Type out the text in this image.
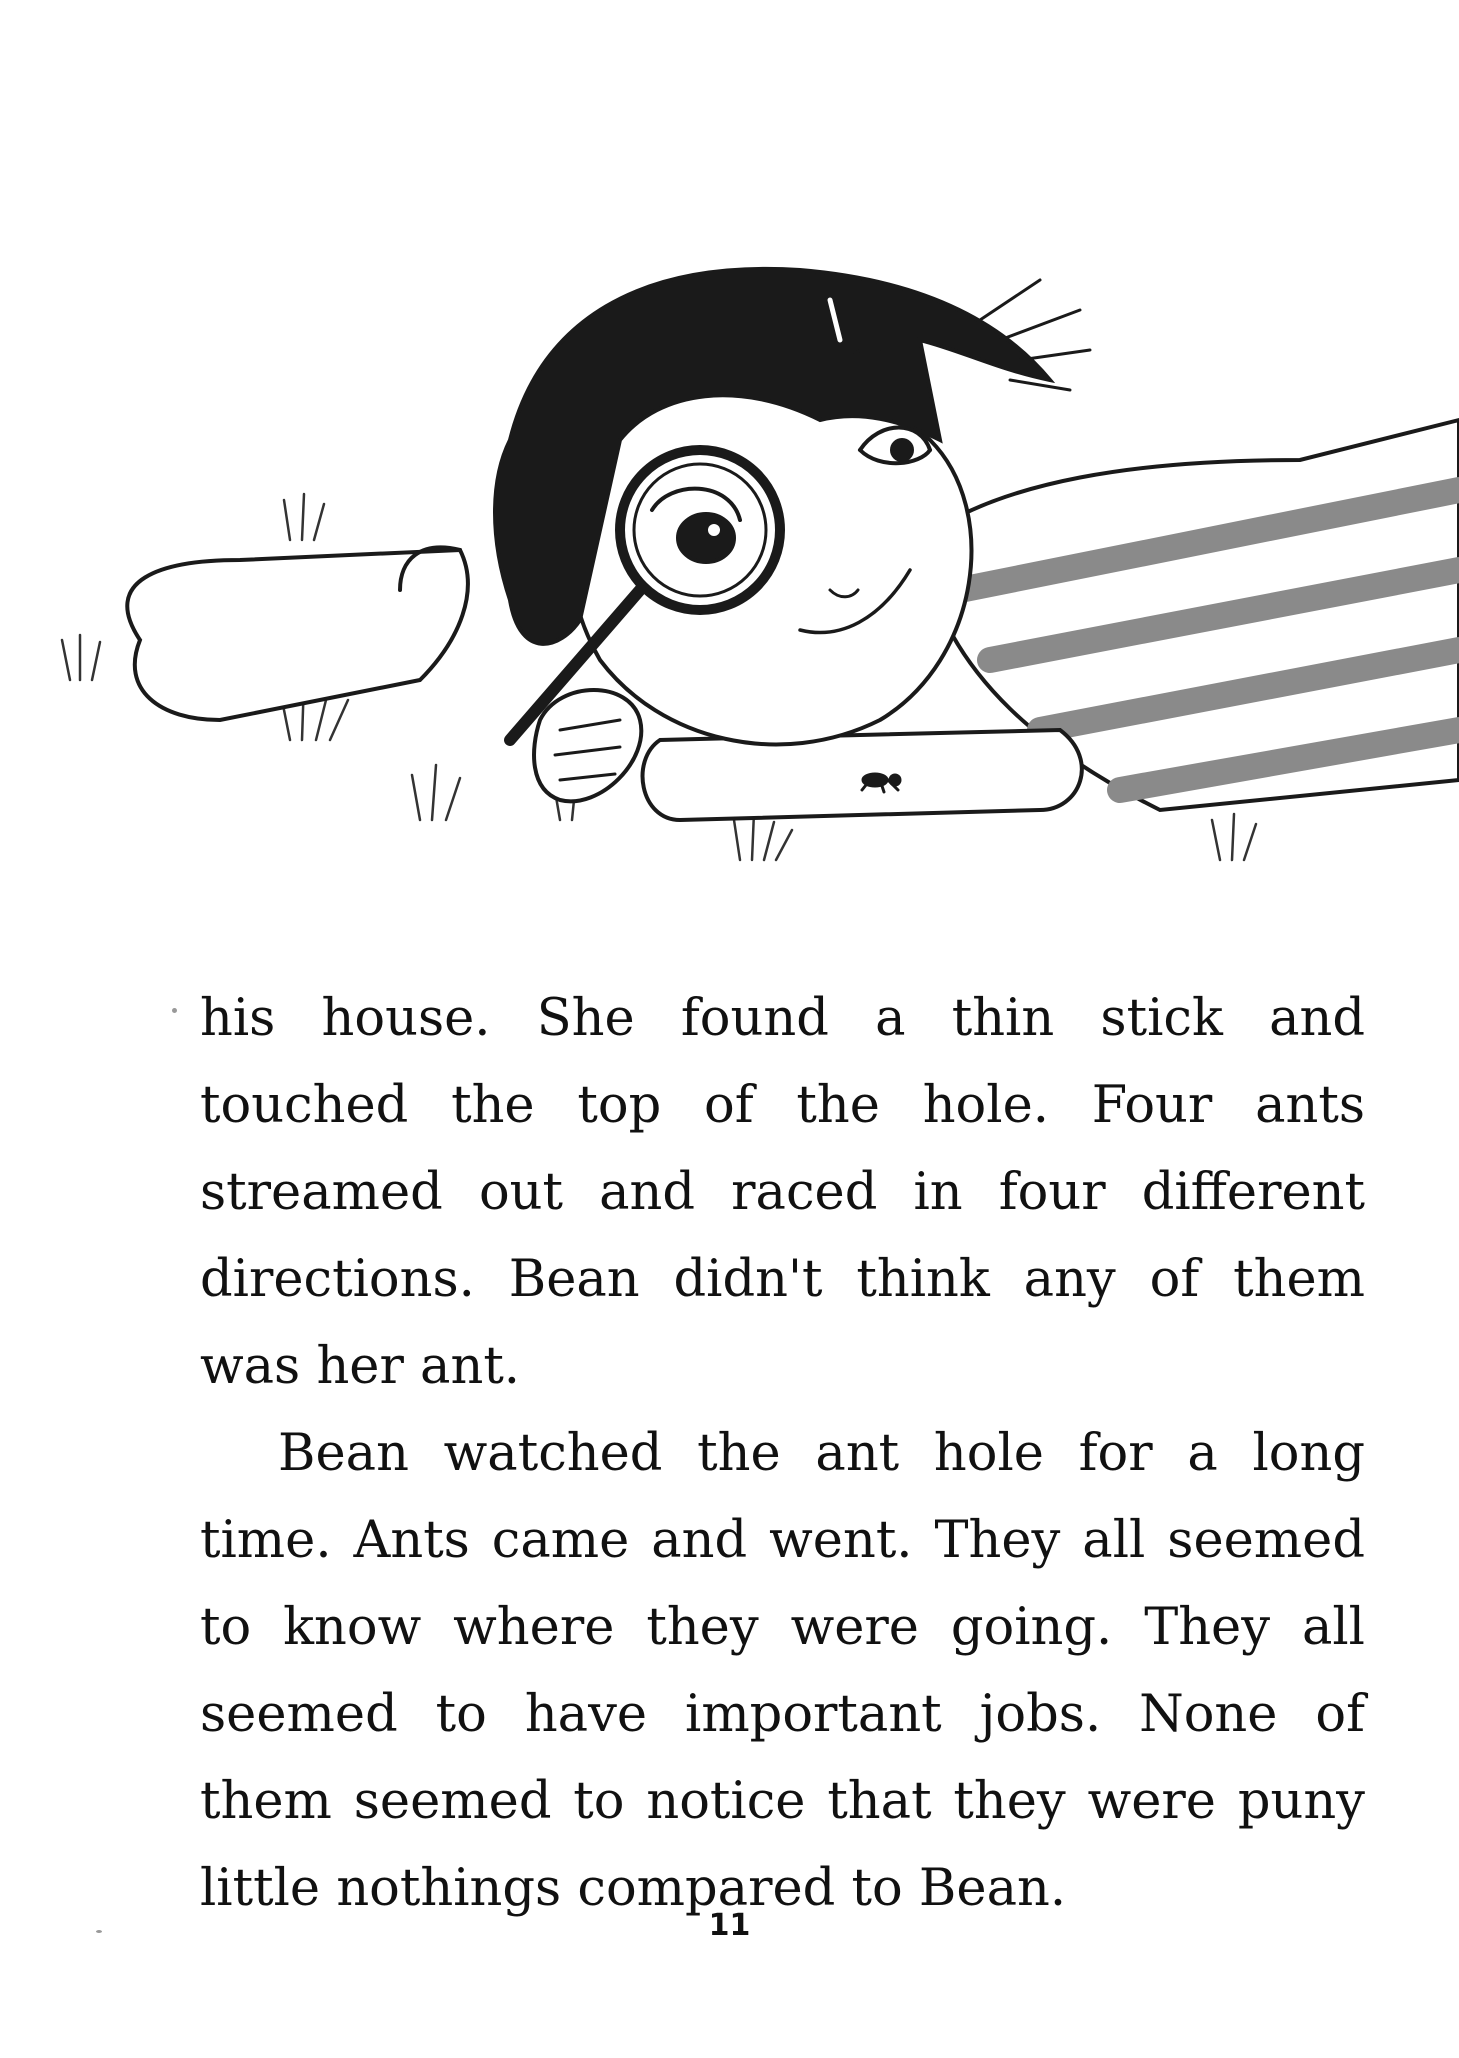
his house. She found a thin stick and touched the top of the hole. Four ants streamed out and raced in four different directions. Bean didn't think any of them was her ant.

Bean watched the ant hole for a long time. Ants came and went. They all seemed to know where they were going. They all seemed to have important jobs. None of them seemed to notice that they were puny little nothings compared to Bean.

11
